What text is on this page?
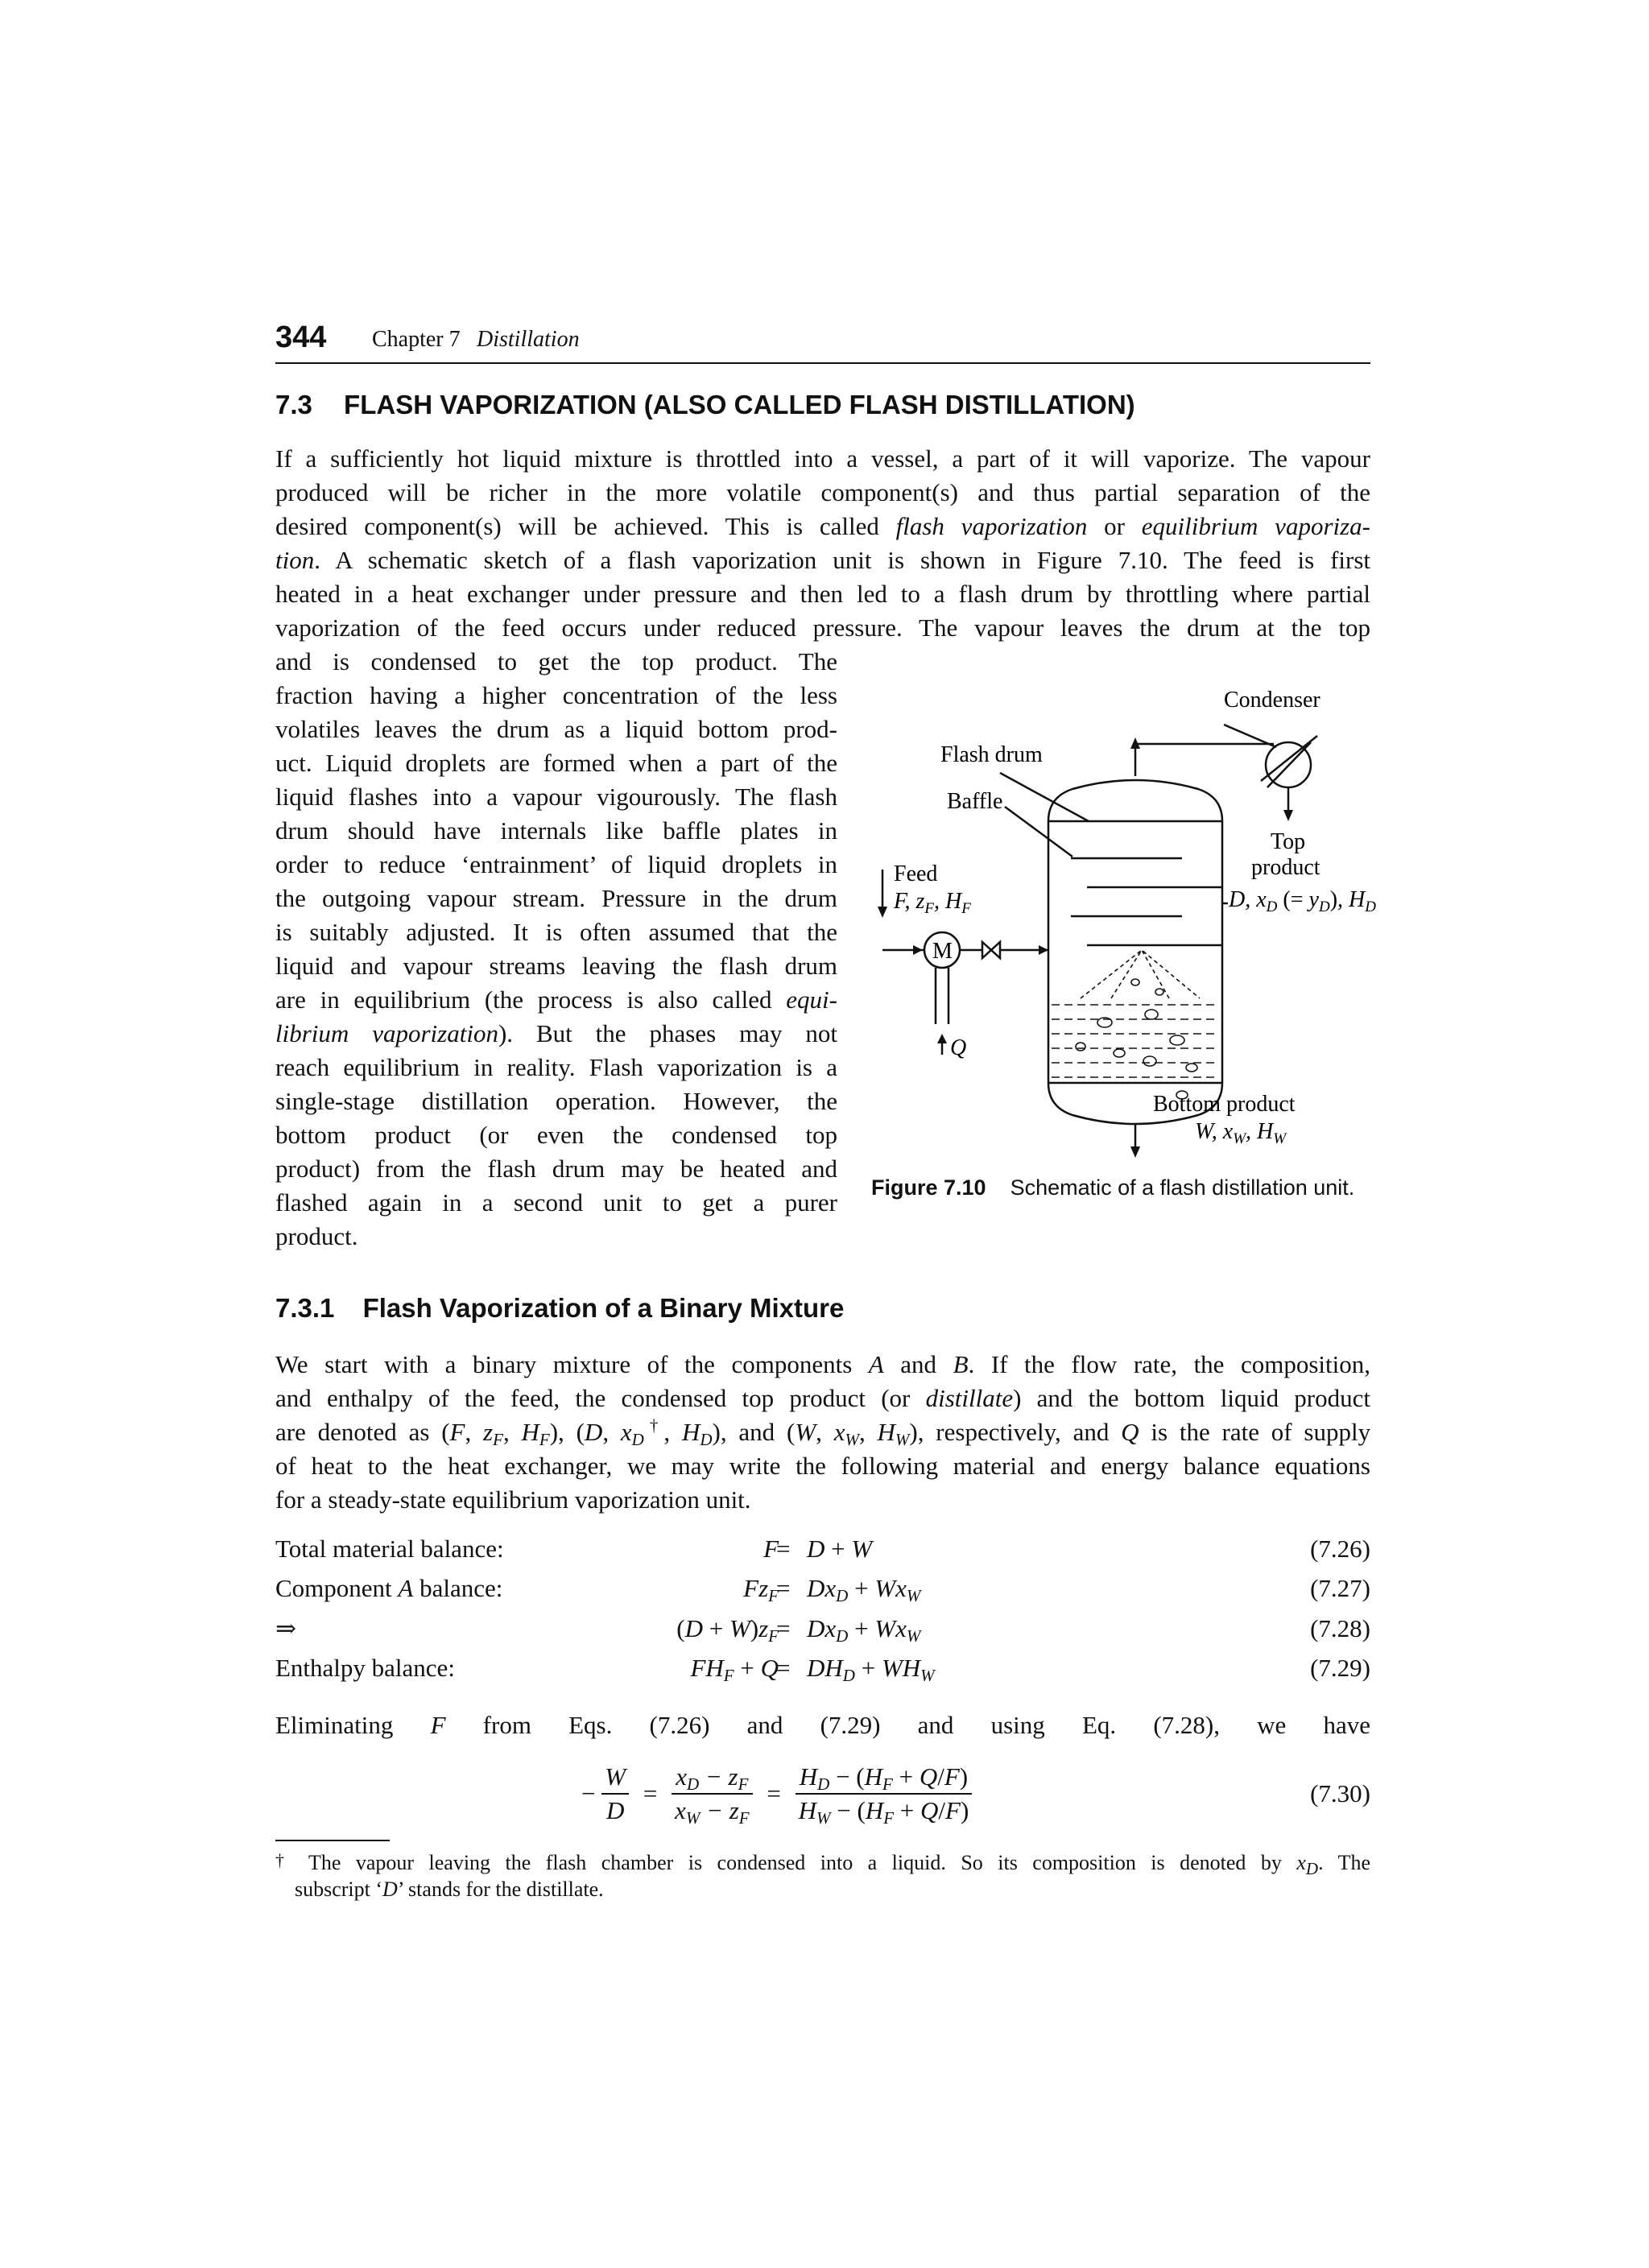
344 Chapter 7 Distillation
7.3 FLASH VAPORIZATION (ALSO CALLED FLASH DISTILLATION)
If a sufficiently hot liquid mixture is throttled into a vessel, a part of it will vaporize. The vapour
produced will be richer in the more volatile component(s) and thus partial separation of the
desired component(s) will be achieved. This is called flash vaporization or equilibrium vaporiza-
tion. A schematic sketch of a flash vaporization unit is shown in Figure 7.10. The feed is first
heated in a heat exchanger under pressure and then led to a flash drum by throttling where partial
vaporization of the feed occurs under reduced pressure. The vapour leaves the drum at the top
and is condensed to get the top product. The
fraction having a higher concentration of the less
volatiles leaves the drum as a liquid bottom prod-
uct. Liquid droplets are formed when a part of the
liquid flashes into a vapour vigourously. The flash
drum should have internals like baffle plates in
order to reduce ‘entrainment’ of liquid droplets in
the outgoing vapour stream. Pressure in the drum
is suitably adjusted. It is often assumed that the
liquid and vapour streams leaving the flash drum
are in equilibrium (the process is also called equi-
librium vaporization). But the phases may not
reach equilibrium in reality. Flash vaporization is a
single-stage distillation operation. However, the
bottom product (or even the condensed top
product) from the flash drum may be heated and
flashed again in a second unit to get a purer
product.
Condenser
Flash drum
Baffle
Feed
F, $z_F$, $H_F$
Top
product
D, $x_D$ (= $y_D$), $H_D$
M
Q
Bottom product
W, $x_W$, $H_W$
Figure 7.10 Schematic of a flash distillation unit.
7.3.1 Flash Vaporization of a Binary Mixture
We start with a binary mixture of the components A and B. If the flow rate, the composition,
and enthalpy of the feed, the condensed top product (or distillate) and the bottom liquid product
are denoted as (F, $z_F$, $H_F$), (D, $x_D^\dagger$, $H_D$), and (W, $x_W$, $H_W$), respectively, and Q is the rate of supply
of heat to the heat exchanger, we may write the following material and energy balance equations
for a steady-state equilibrium vaporization unit.
Total material balance:	F
= D + W	(7.26)
Component A balance:	$Fz_F$
= $Dx_D + Wx_W$	(7.27)
⇒	$(D + W)z_F$
= $Dx_D + Wx_W$	(7.28)
Enthalpy balance:	$FH_F + Q$
= $DH_D + WH_W$	(7.29)
Eliminating F from Eqs. (7.26) and (7.29) and using Eq. (7.28), we have
− $\frac{W}{D} = \frac{x_D - z_F}{x_W - z_F} = \frac{H_D - (H_F + Q/F)}{H_W - (H_F + Q/F)}$	(7.30)
† The vapour leaving the flash chamber is condensed into a liquid. So its composition is denoted by $x_D$. The
subscript ‘D’ stands for the distillate.
